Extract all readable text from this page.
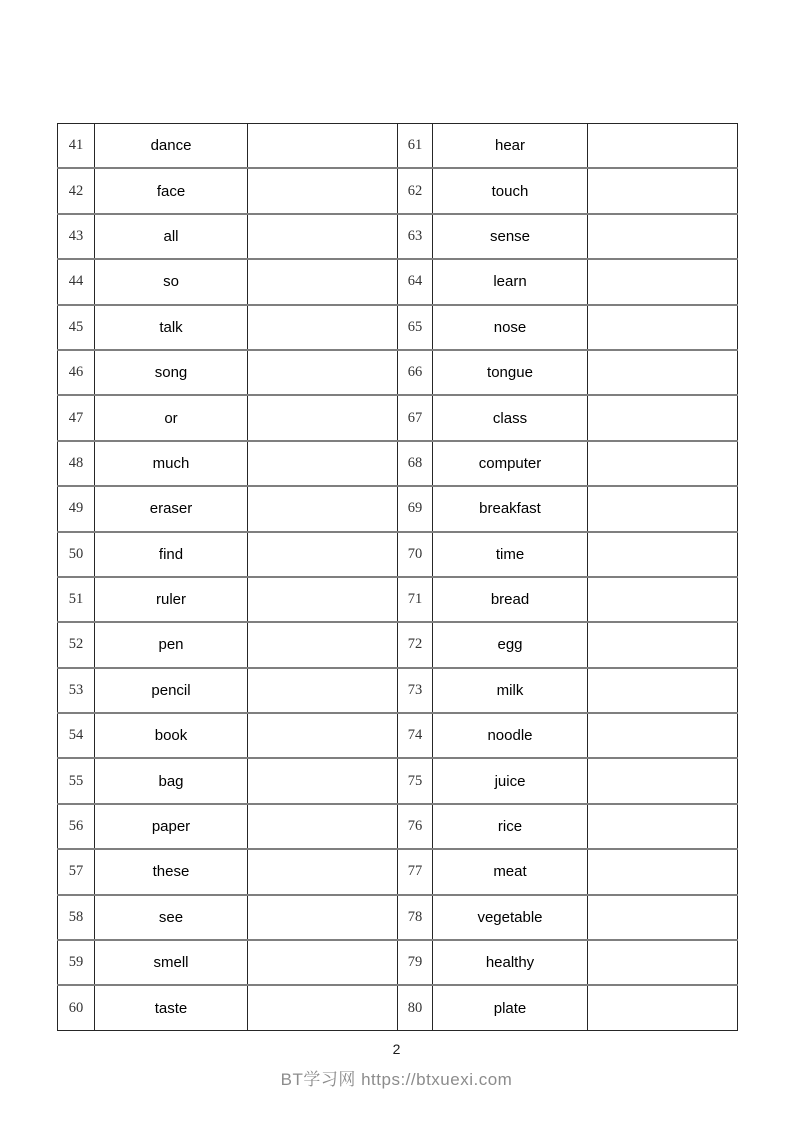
41	dance		61	hear	
42	face		62	touch	
43	all		63	sense	
44	so		64	learn	
45	talk		65	nose	
46	song		66	tongue	
47	or		67	class	
48	much		68	computer	
49	eraser		69	breakfast	
50	find		70	time	
51	ruler		71	bread	
52	pen		72	egg	
53	pencil		73	milk	
54	book		74	noodle	
55	bag		75	juice	
56	paper		76	rice	
57	these		77	meat	
58	see		78	vegetable	
59	smell		79	healthy	
60	taste		80	plate	
2
BT学习网 https://btxuexi.com
